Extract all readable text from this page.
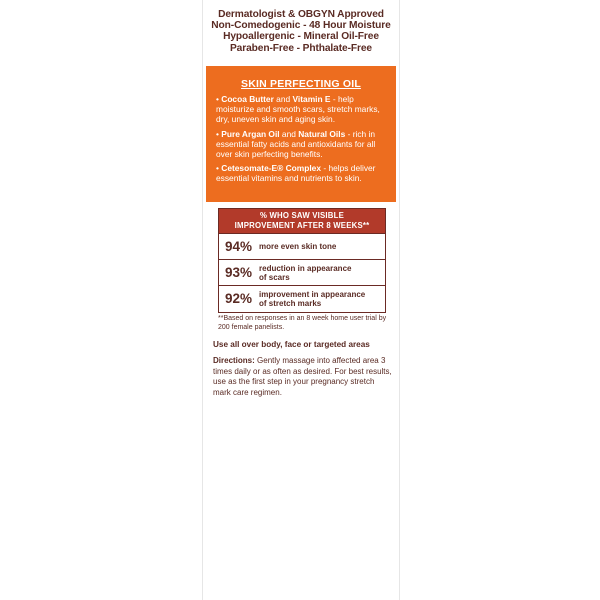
Dermatologist & OBGYN Approved
Non-Comedogenic - 48 Hour Moisture
Hypoallergenic - Mineral Oil-Free
Paraben-Free - Phthalate-Free
SKIN PERFECTING OIL
• Cocoa Butter and Vitamin E - help moisturize and smooth scars, stretch marks, dry, uneven skin and aging skin.
• Pure Argan Oil and Natural Oils - rich in essential fatty acids and antioxidants for all over skin perfecting benefits.
• Cetesomate-E® Complex - helps deliver essential vitamins and nutrients to skin.
% WHO SAW VISIBLE
IMPROVEMENT AFTER 8 WEEKS**
94% more even skin tone
93% reduction in appearance
of scars
92% improvement in appearance
of stretch marks
**Based on responses in an 8 week home user trial by 200 female panelists.
Use all over body, face or targeted areas
Directions: Gently massage into affected area 3 times daily or as often as desired. For best results, use as the first step in your pregnancy stretch mark care regimen.
